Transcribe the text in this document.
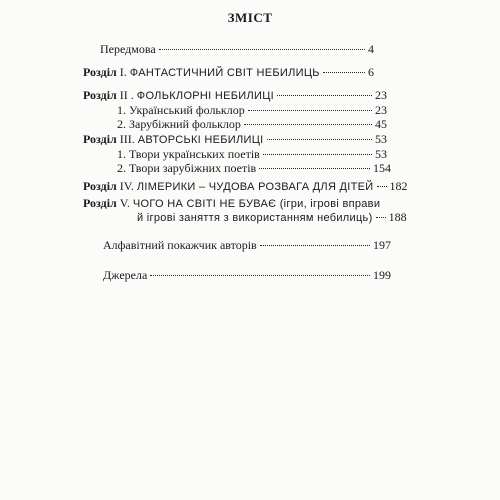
ЗМІСТ
Передмова	4
Розділ І. ФАНТАСТИЧНИЙ СВІТ НЕБИЛИЦЬ	6
Розділ ІІ . ФОЛЬКЛОРНІ НЕБИЛИЦІ	23
1. Український фольклор	23
2. Зарубіжний фольклор	45
Розділ ІІІ. АВТОРСЬКІ НЕБИЛИЦІ	53
1. Твори українських поетів	53
2. Твори зарубіжних поетів	154
Розділ IV. ЛІМЕРИКИ – ЧУДОВА РОЗВАГА ДЛЯ ДІТЕЙ 182
Розділ V. ЧОГО НА СВІТІ НЕ БУВАЄ (ігри, ігрові вправи
й ігрові заняття з використанням небилиць) 188
Алфавітний покажчик авторів	197
Джерела	199
